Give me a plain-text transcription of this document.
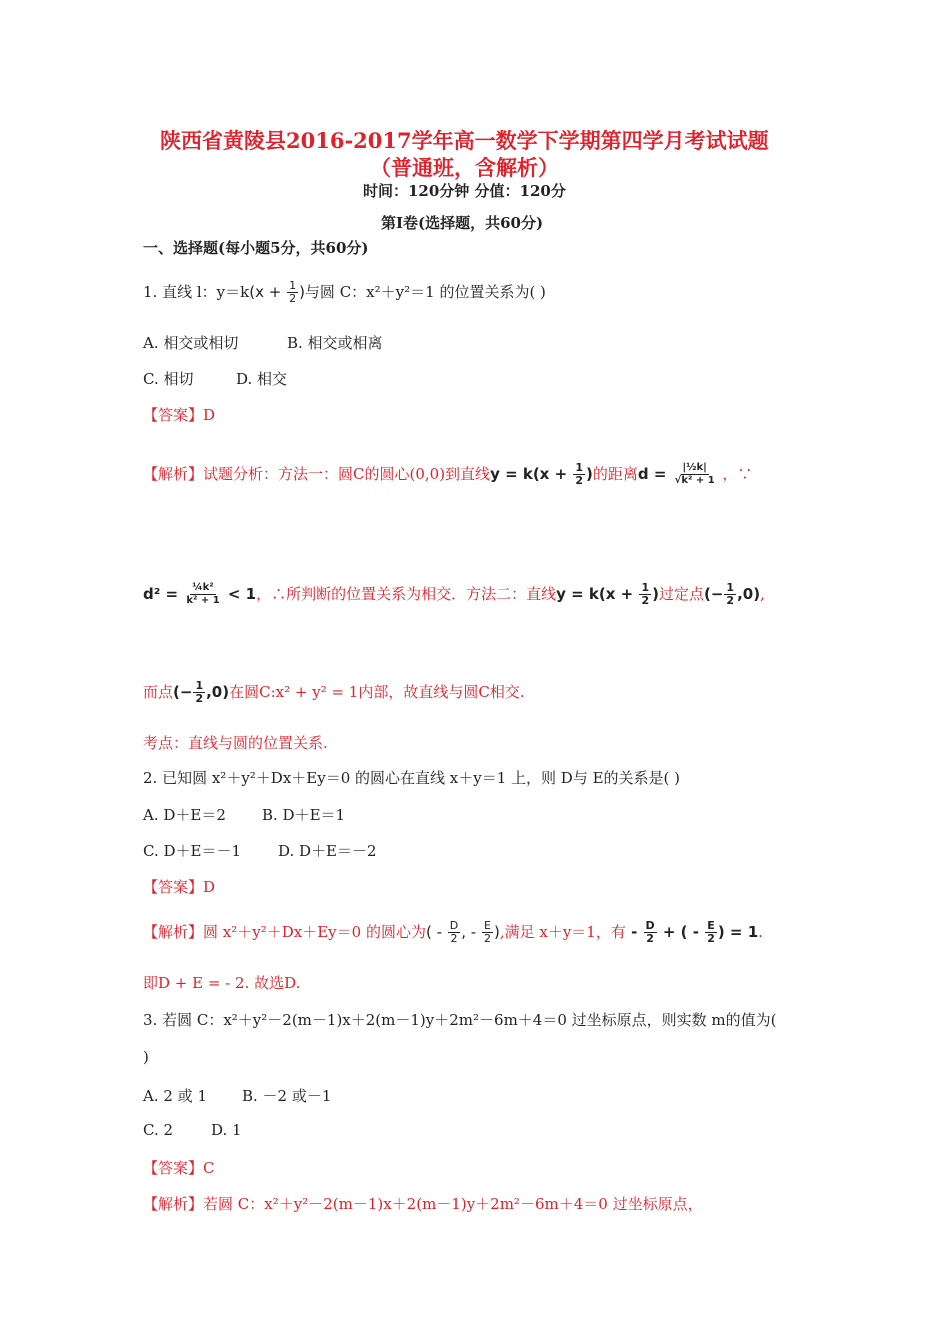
陕西省黄陵县2016-2017学年高一数学下学期第四学月考试试题
（普通班，含解析）
时间：120分钟 分值：120分
第Ⅰ卷(选择题，共60分)
一、选择题(每小题5分，共60分)
1. 直线 l：$y=k(x + \frac{1}{2}$ )与圆 C：x²＋y²＝1 的位置关系为( )
A. 相交或相切	B. 相交或相离
C. 相切	D. 相交
【答案】D
【解析】试题分析：方法一：圆C的圆心(0,0)到直线$y = k(x + \frac{1}{2}$ )的距离$d = \frac{\text{|½k|}}{\text{√k² + 1}}$ ，∵
$d^2 = \frac{\text{¼k²}}{\text{k² + 1}} < 1$，∴所判断的位置关系为相交．方法二：直线$y = k(x + \frac{1}{2}$ )过定点(− $\frac{1}{2} ,0$),
而点(− $\frac{1}{2} ,0$)在圆C:x² + y² = 1内部，故直线与圆C相交.
考点：直线与圆的位置关系.
2. 已知圆 x²＋y²＋Dx＋Ey＝0 的圆心在直线 x＋y＝1 上，则 D与 E的关系是( )
A. D＋E＝2 B. D＋E＝1
C. D＋E＝－1 D. D＋E＝－2
【答案】D
【解析】圆 x²＋y²＋Dx＋Ey＝0 的圆心为( - $\frac{D}{2}$ , - $\frac{E}{2}$ ),满足 x＋y＝1，有 - $\frac{D}{2}$ + ( - $\frac{E}{2}$ ) = 1.
即D + E = - 2. 故选D.
3. 若圆 C：x²＋y²－2(m－1)x＋2(m－1)y＋2m²－6m＋4＝0 过坐标原点，则实数 m的值为(
)
A. 2 或 1 B. －2 或－1
C. 2	D. 1
【答案】C
【解析】若圆 C：x²＋y²－2(m－1)x＋2(m－1)y＋2m²－6m＋4＝0 过坐标原点，
